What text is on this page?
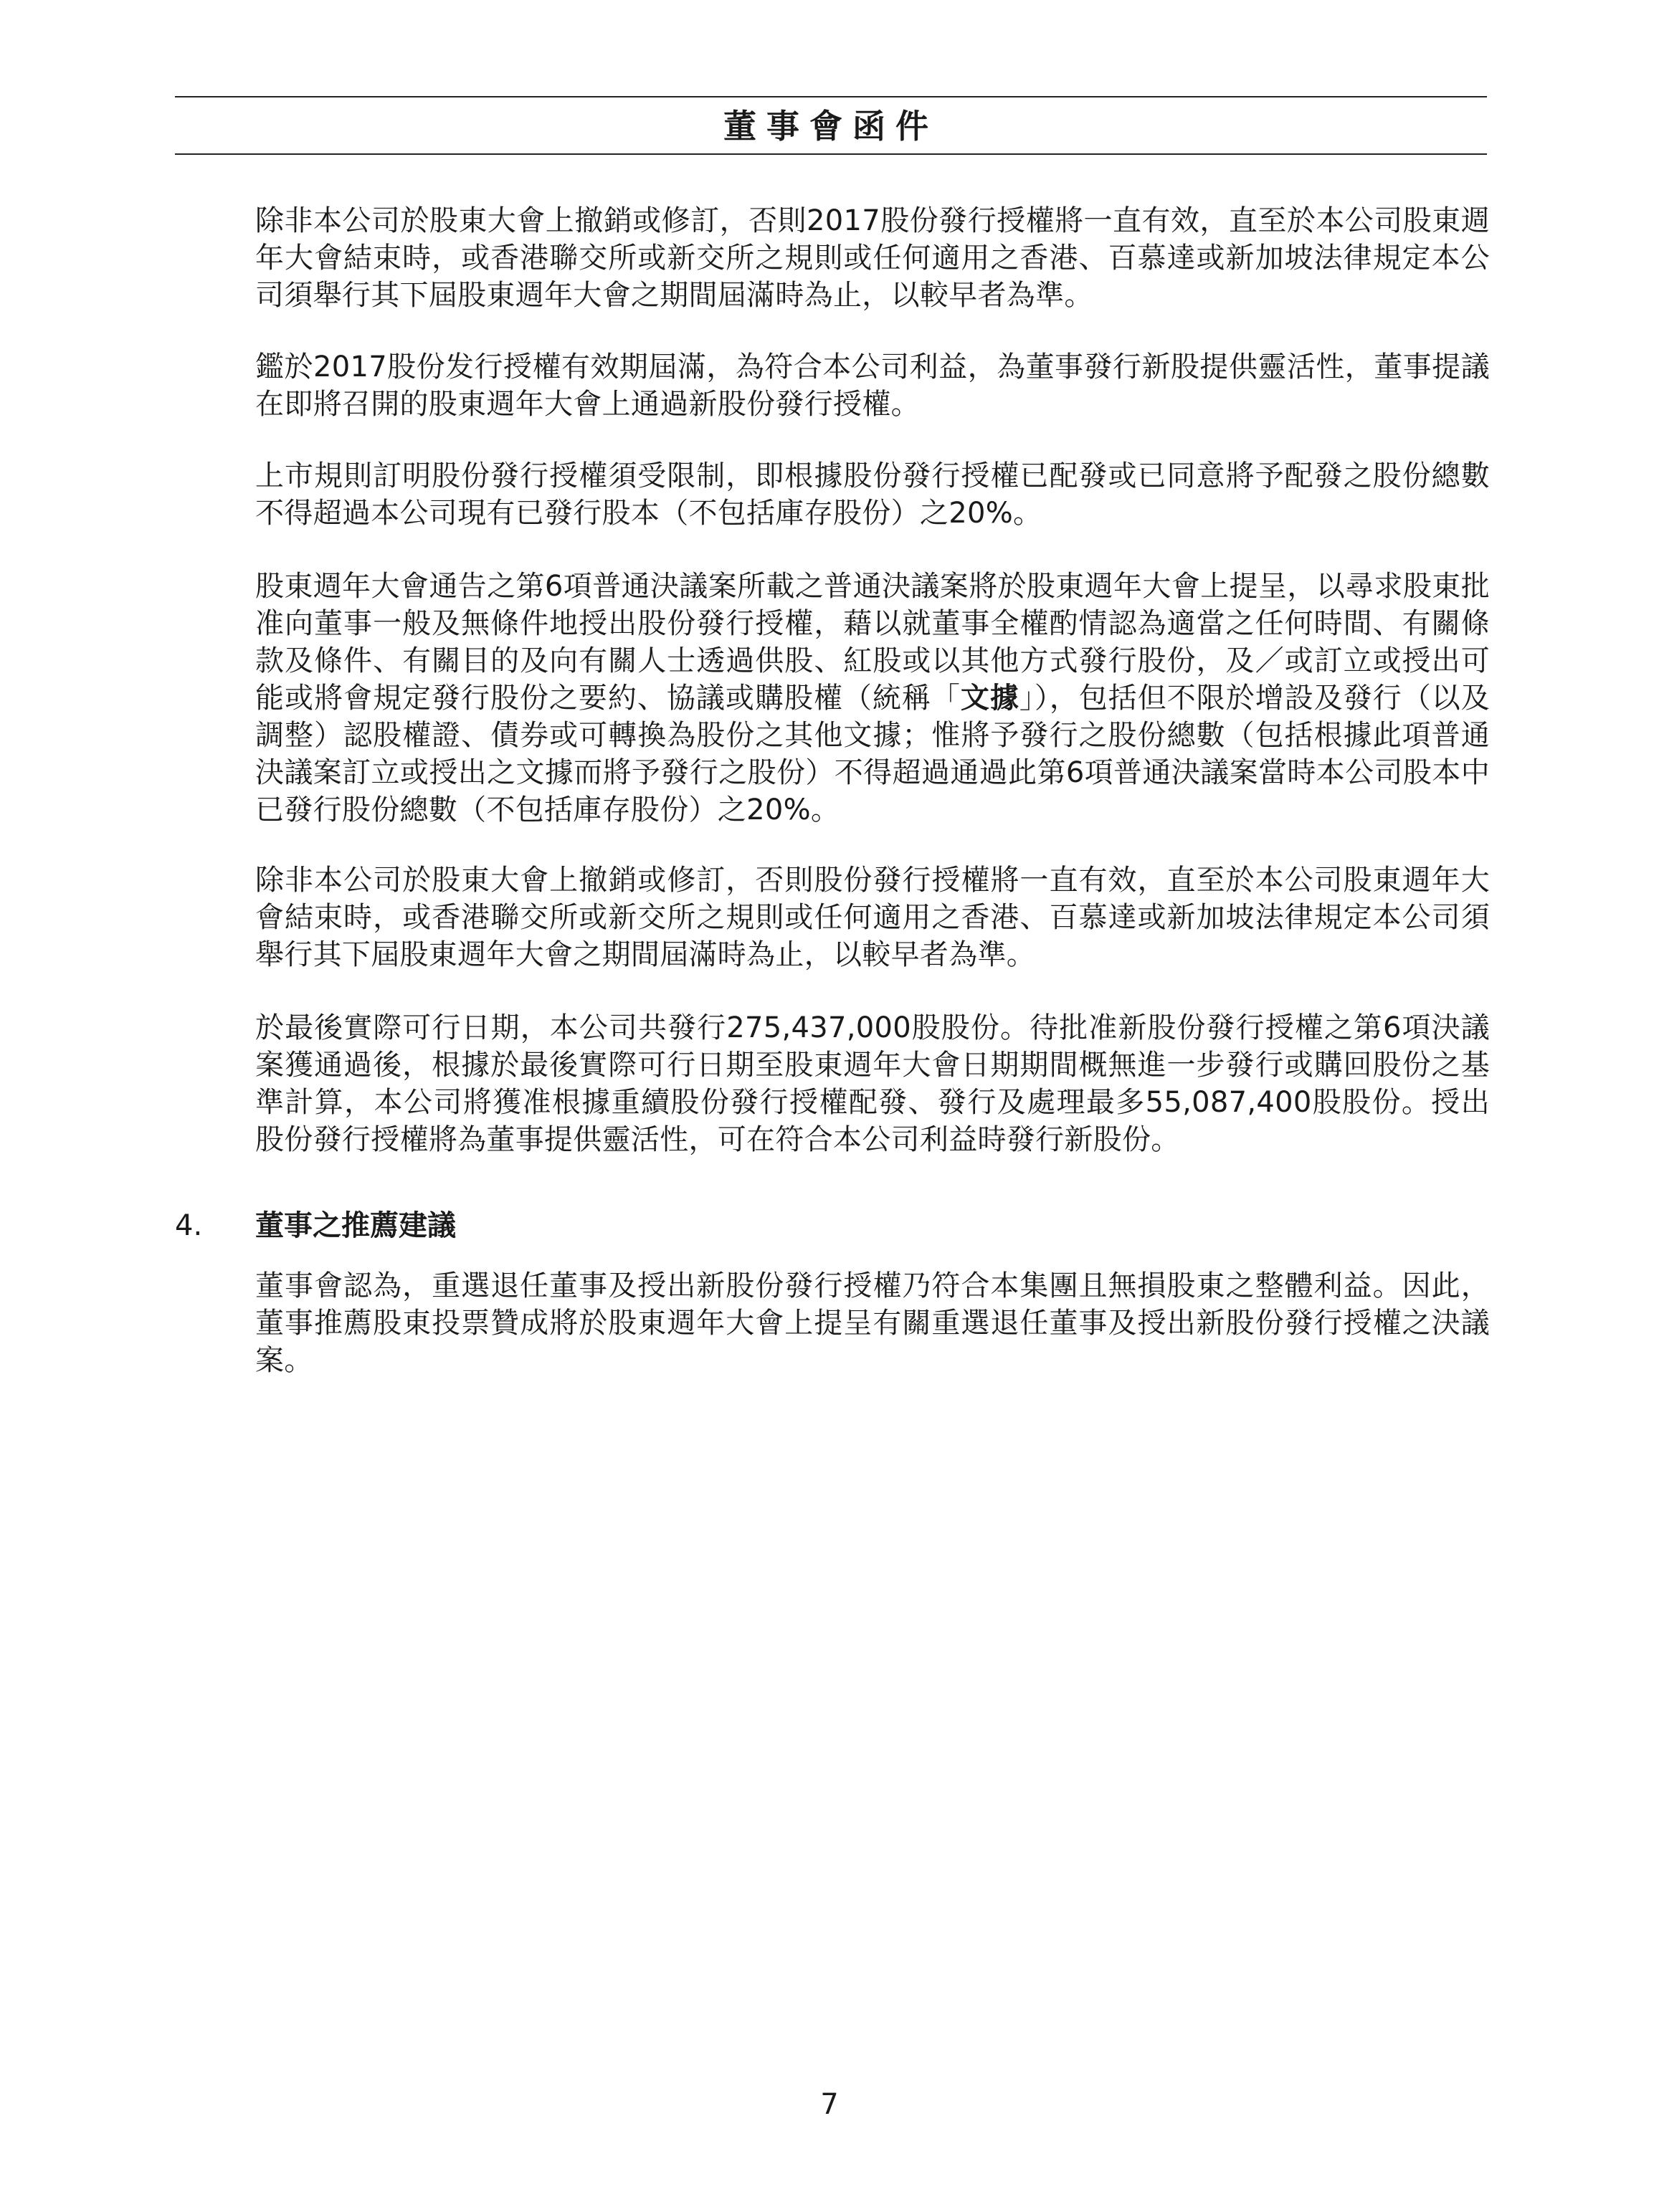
董事會函件

除非本公司於股東大會上撤銷或修訂，否則2017股份發行授權將一直有效，直至於本公司股東週年大會結束時，或香港聯交所或新交所之規則或任何適用之香港、百慕達或新加坡法律規定本公司須舉行其下屆股東週年大會之期間屆滿時為止，以較早者為準。

鑑於2017股份发行授權有效期屆滿，為符合本公司利益，為董事發行新股提供靈活性，董事提議在即將召開的股東週年大會上通過新股份發行授權。

上市規則訂明股份發行授權須受限制，即根據股份發行授權已配發或已同意將予配發之股份總數不得超過本公司現有已發行股本（不包括庫存股份）之20%。

股東週年大會通告之第6項普通決議案所載之普通決議案將於股東週年大會上提呈，以尋求股東批准向董事一般及無條件地授出股份發行授權，藉以就董事全權酌情認為適當之任何時間、有關條款及條件、有關目的及向有關人士透過供股、紅股或以其他方式發行股份，及／或訂立或授出可能或將會規定發行股份之要約、協議或購股權（統稱「文據」），包括但不限於增設及發行（以及調整）認股權證、債券或可轉換為股份之其他文據；惟將予發行之股份總數（包括根據此項普通決議案訂立或授出之文據而將予發行之股份）不得超過通過此第6項普通決議案當時本公司股本中已發行股份總數（不包括庫存股份）之20%。

除非本公司於股東大會上撤銷或修訂，否則股份發行授權將一直有效，直至於本公司股東週年大會結束時，或香港聯交所或新交所之規則或任何適用之香港、百慕達或新加坡法律規定本公司須舉行其下屆股東週年大會之期間屆滿時為止，以較早者為準。

於最後實際可行日期，本公司共發行275,437,000股股份。待批准新股份發行授權之第6項決議案獲通過後，根據於最後實際可行日期至股東週年大會日期期間概無進一步發行或購回股份之基準計算，本公司將獲准根據重續股份發行授權配發、發行及處理最多55,087,400股股份。授出股份發行授權將為董事提供靈活性，可在符合本公司利益時發行新股份。

4. 董事之推薦建議

董事會認為，重選退任董事及授出新股份發行授權乃符合本集團且無損股東之整體利益。因此，董事推薦股東投票贊成將於股東週年大會上提呈有關重選退任董事及授出新股份發行授權之決議案。

7
